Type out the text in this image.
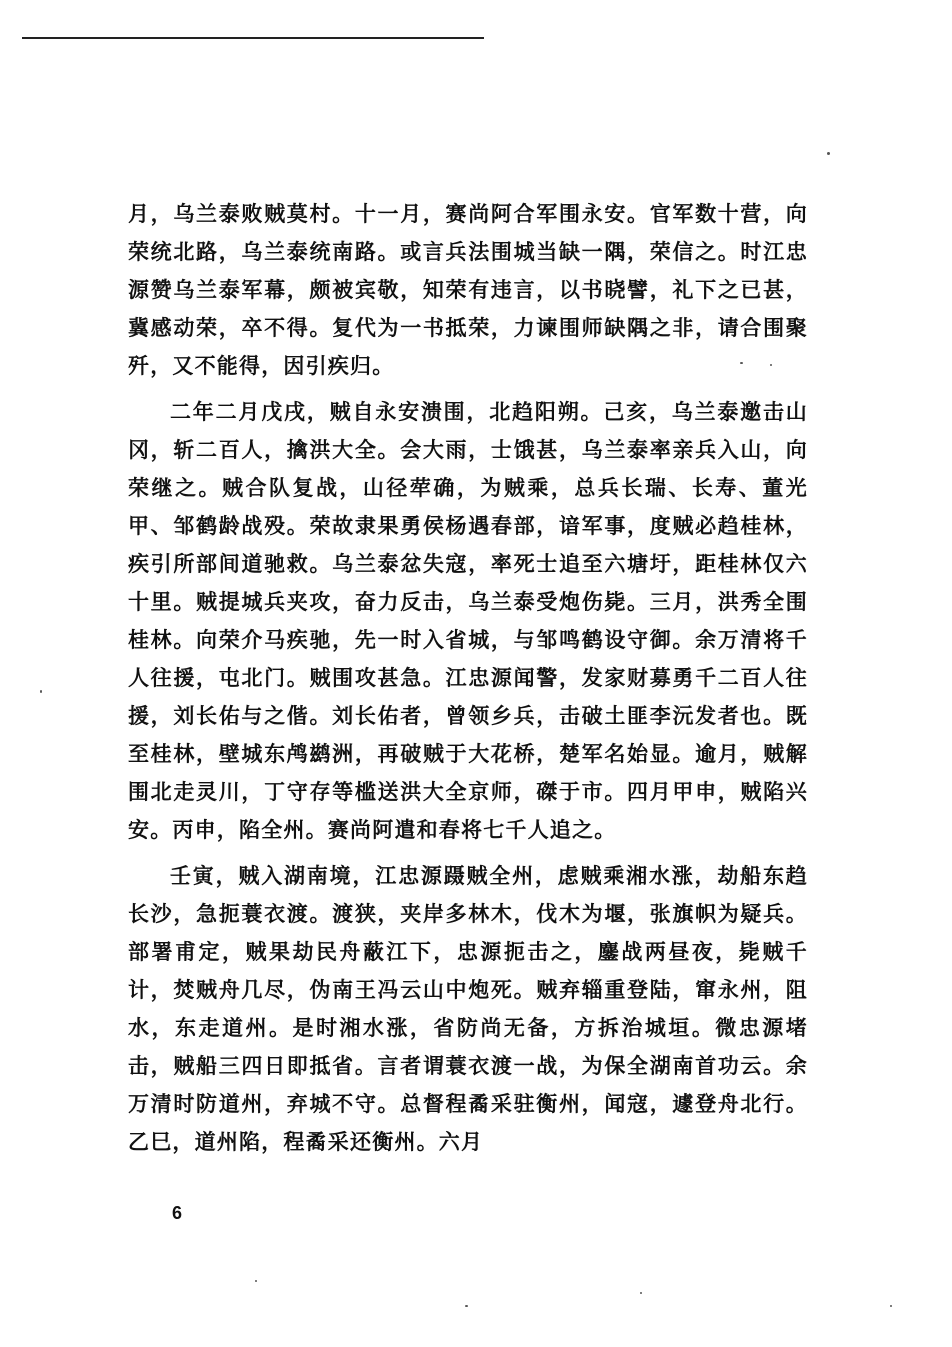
月，乌兰泰败贼莫村。十一月，赛尚阿合军围永安。官军数十营，向荣统北路，乌兰泰统南路。或言兵法围城当缺一隅，荣信之。时江忠源赞乌兰泰军幕，颇被宾敬，知荣有违言，以书晓譬，礼下之已甚，冀感动荣，卒不得。复代为一书抵荣，力谏围师缺隅之非，请合围聚歼，又不能得，因引疾归。

二年二月戊戌，贼自永安溃围，北趋阳朔。己亥，乌兰泰邀击山冈，斩二百人，擒洪大全。会大雨，士饿甚，乌兰泰率亲兵入山，向荣继之。贼合队复战，山径荦确，为贼乘，总兵长瑞、长寿、董光甲、邹鹤龄战殁。荣故隶果勇侯杨遇春部，谙军事，度贼必趋桂林，疾引所部间道驰救。乌兰泰忿失寇，率死士追至六塘圩，距桂林仅六十里。贼提城兵夹攻，奋力反击，乌兰泰受炮伤毙。三月，洪秀全围桂林。向荣介马疾驰，先一时入省城，与邹鸣鹤设守御。余万清将千人往援，屯北门。贼围攻甚急。江忠源闻警，发家财募勇千二百人往援，刘长佑与之偕。刘长佑者，曾领乡兵，击破土匪李沅发者也。既至桂林，壁城东鸬鹚洲，再破贼于大花桥，楚军名始显。逾月，贼解围北走灵川，丁守存等槛送洪大全京师，磔于市。四月甲申，贼陷兴安。丙申，陷全州。赛尚阿遣和春将七千人追之。

壬寅，贼入湖南境，江忠源蹑贼全州，虑贼乘湘水涨，劫船东趋长沙，急扼蓑衣渡。渡狭，夹岸多林木，伐木为堰，张旗帜为疑兵。部署甫定，贼果劫民舟蔽江下，忠源扼击之，鏖战两昼夜，毙贼千计，焚贼舟几尽，伪南王冯云山中炮死。贼弃辎重登陆，窜永州，阻水，东走道州。是时湘水涨，省防尚无备，方拆治城垣。微忠源堵击，贼船三四日即抵省。言者谓蓑衣渡一战，为保全湖南首功云。余万清时防道州，弃城不守。总督程矞采驻衡州，闻寇，遽登舟北行。乙巳，道州陷，程矞采还衡州。六月

6
